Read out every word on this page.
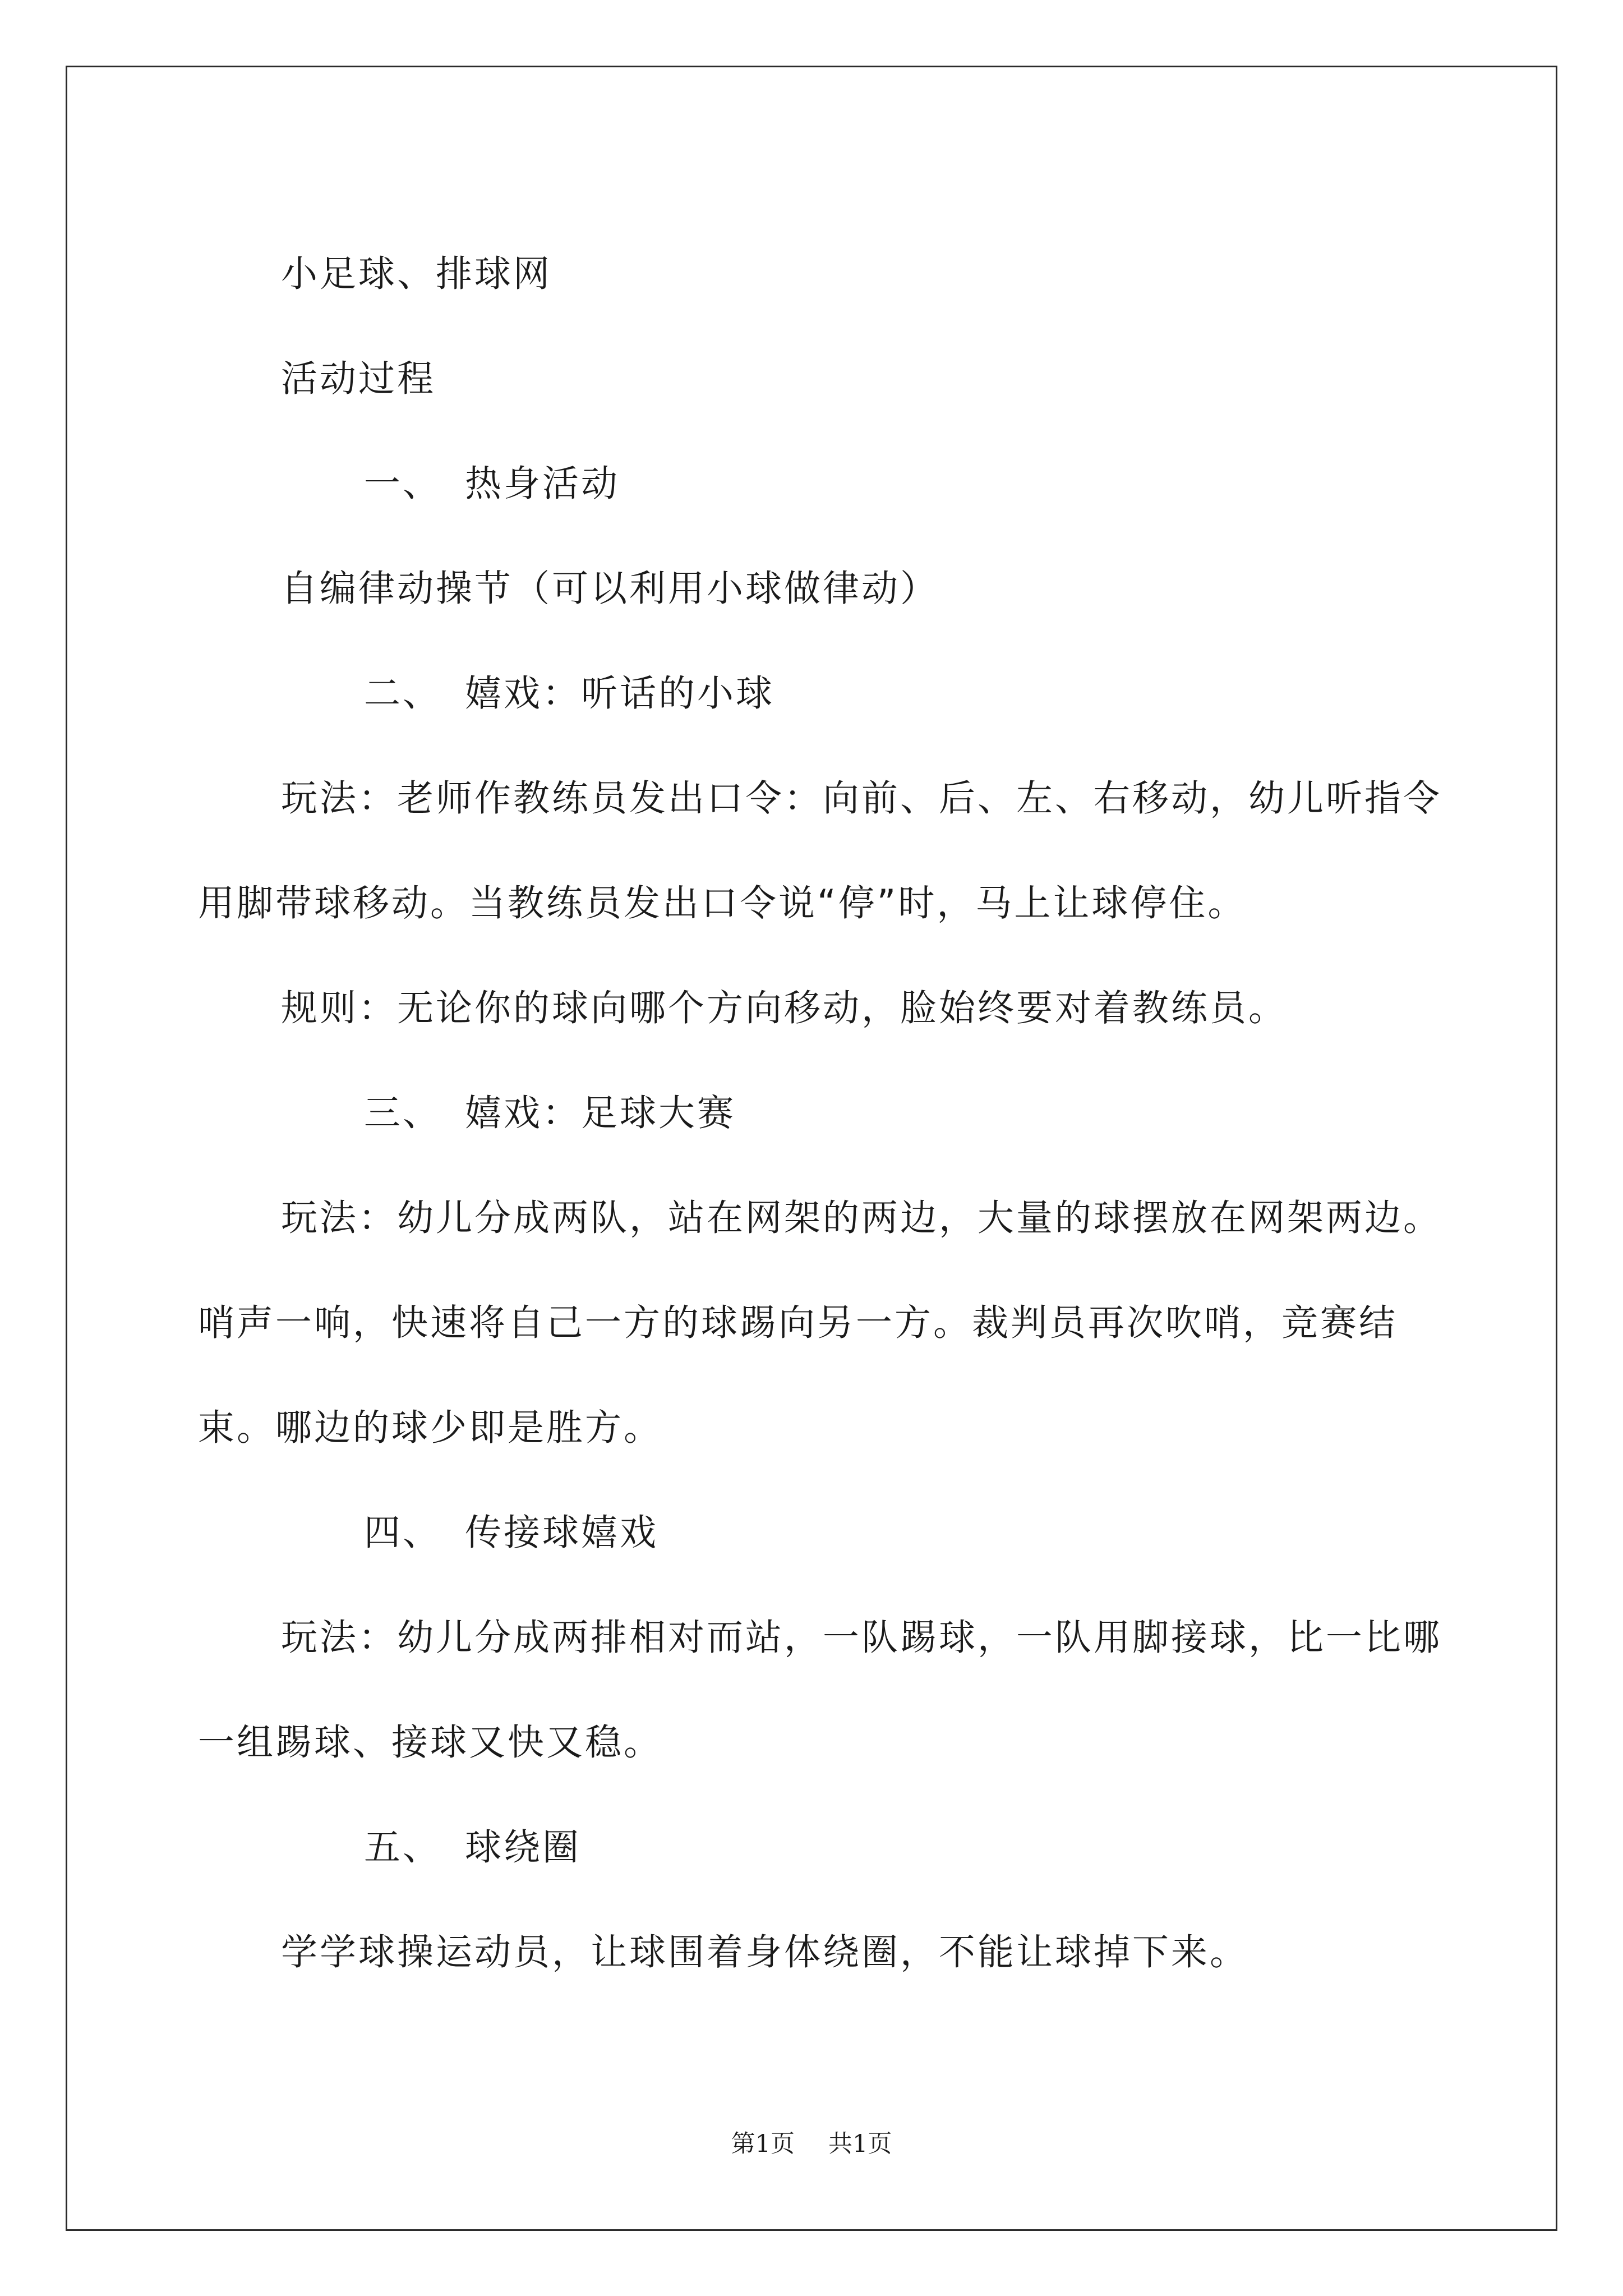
小足球、排球网

活动过程

一、 热身活动

自编律动操节（可以利用小球做律动）

二、 嬉戏：听话的小球

玩法：老师作教练员发出口令：向前、后、左、右移动，幼儿听指令用脚带球移动。当教练员发出口令说“停”时，马上让球停住。

规则：无论你的球向哪个方向移动，脸始终要对着教练员。

三、 嬉戏：足球大赛

玩法：幼儿分成两队，站在网架的两边，大量的球摆放在网架两边。哨声一响，快速将自己一方的球踢向另一方。裁判员再次吹哨，竞赛结束。哪边的球少即是胜方。

四、 传接球嬉戏

玩法：幼儿分成两排相对而站，一队踢球，一队用脚接球，比一比哪一组踢球、接球又快又稳。

五、 球绕圈

学学球操运动员，让球围着身体绕圈，不能让球掉下来。

第1页 共1页
